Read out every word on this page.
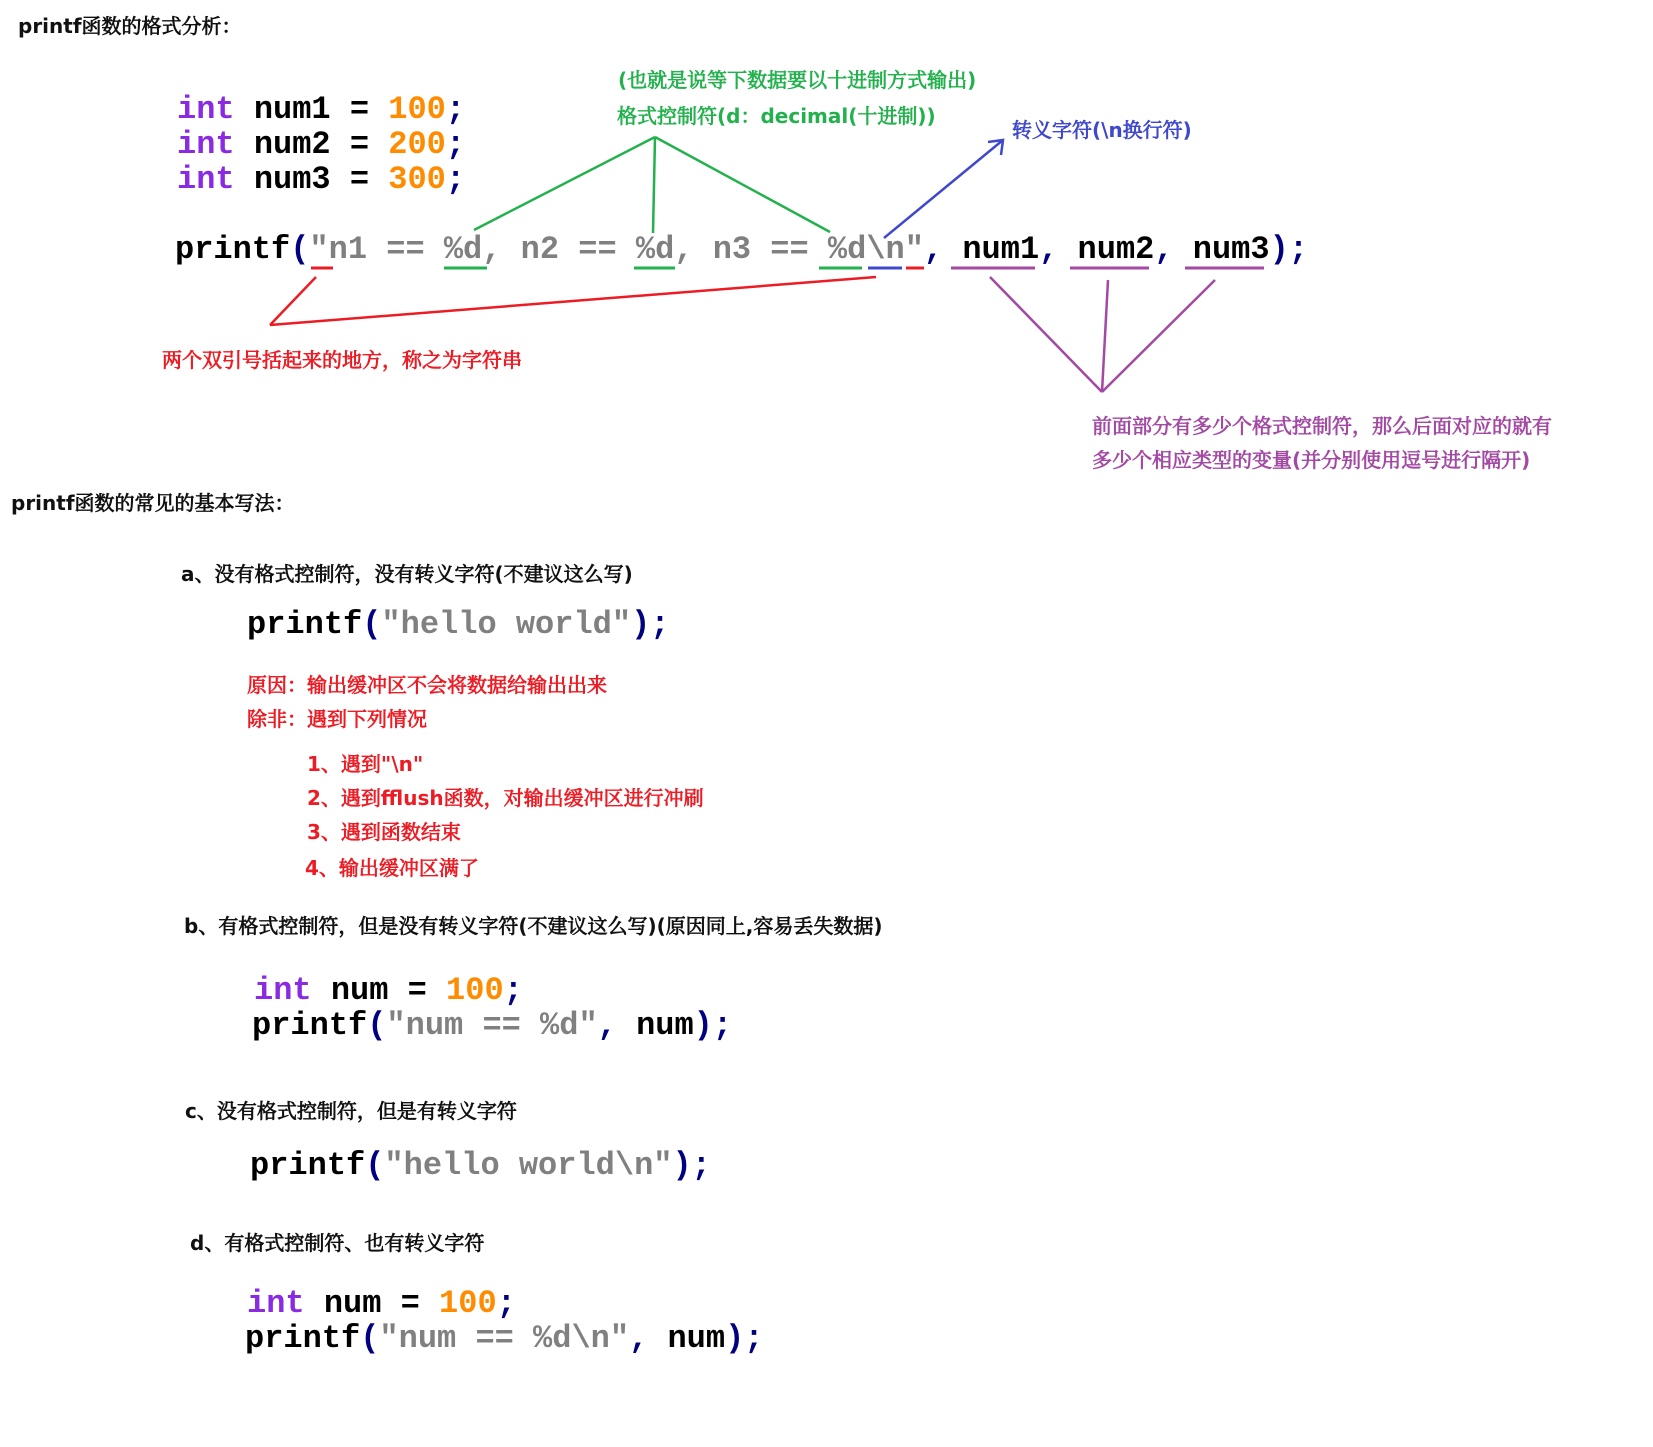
printf函数的格式分析：
int num1 = 100;
int num2 = 200;
int num3 = 300;
printf("n1 == %d, n2 == %d, n3 == %d\n", num1, num2, num3);
(也就是说等下数据要以十进制方式输出)
格式控制符(d：decimal(十进制))
转义字符(\n换行符)
两个双引号括起来的地方，称之为字符串
前面部分有多少个格式控制符，那么后面对应的就有
多少个相应类型的变量(并分别使用逗号进行隔开)
printf函数的常见的基本写法：
a、没有格式控制符，没有转义字符(不建议这么写)
printf("hello world");
原因：输出缓冲区不会将数据给输出出来
除非：遇到下列情况
1、遇到"\n"
2、遇到fflush函数，对输出缓冲区进行冲刷
3、遇到函数结束
4、输出缓冲区满了
b、有格式控制符，但是没有转义字符(不建议这么写)(原因同上,容易丢失数据)
int num = 100;
printf("num == %d", num);
c、没有格式控制符，但是有转义字符
printf("hello world\n");
d、有格式控制符、也有转义字符
int num = 100;
printf("num == %d\n", num);
